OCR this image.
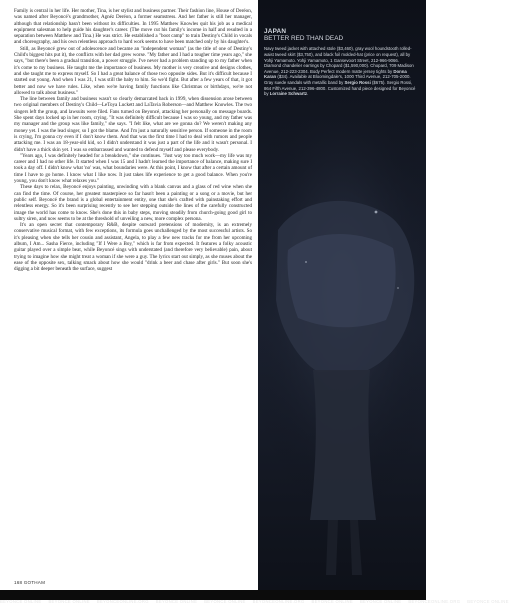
Family is central in her life. Her mother, Tina, is her stylist and business partner. Their fashion line, House of Deréon, was named after Beyoncé's grandmother, Agnéz Deréon, a former seamstress. And her father is still her manager, although that relationship hasn't been without its difficulties. In 1995 Matthew Knowles quit his job as a medical equipment salesman to help guide his daughter's career. (The move cut his family's income in half and resulted in a separation between Matthew and Tina.) He was strict. He established a "boot camp" to train Destiny's Child in vocals and choreography, and his own relentless approach to hard work seems to have been matched only by his daughter's.

Still, as Beyoncé grew out of adolescence and became an "independent woman" (as the title of one of Destiny's Child's biggest hits put it), the conflicts with her dad grew worse. "My father and I had a tougher time years ago," she says, "but there's been a gradual transition, a power struggle. I've never had a problem standing up to my father when it's come to my business. He taught me the importance of business. My mother is very creative and designs clothes, and she taught me to express myself. So I had a great balance of those two opposite sides. But it's difficult because I started out young. And when I was 21, I was still the baby to him. So we'd fight. But after a few years of that, it got better and now we have rules. Like, when we're having family functions like Christmas or birthdays, we're not allowed to talk about business."

The line between family and business wasn't so clearly demarcated back in 1999, when dissension arose between two original members of Destiny's Child—LeToya Luckett and LaTavia Roberson—and Matthew Knowles. The two singers left the group, and lawsuits were filed. Fans turned on Beyoncé, attacking her personally on message boards. She spent days locked up in her room, crying. "It was definitely difficult because I was so young, and my father was my manager and the group was like family," she says. "I felt like, what are we gonna do? We weren't making any money yet. I was the lead singer, so I got the blame. And I'm just a naturally sensitive person. If someone in the room is crying, I'm gonna cry even if I don't know them. And that was the first time I had to deal with rumors and people attacking me. I was an 18-year-old kid, so I didn't understand it was just a part of the life and it wasn't personal. I didn't have a thick skin yet. I was so embarrassed and wanted to defend myself and please everybody.

"Years ago, I was definitely headed for a breakdown," she continues. "Just way too much work—my life was my career and I had no other life. It started when I was 15 and I hadn't learned the importance of balance, making sure I took a day off. I didn't know what 'no' was, what boundaries were. At this point, I know that after a certain amount of time I have to go home. I know what I like now. It just takes life experience to get a good balance. When you're young, you don't know what relaxes you."

These days to relax, Beyoncé enjoys painting, unwinding with a blank canvas and a glass of red wine when she can find the time. Of course, her greatest masterpiece so far hasn't been a painting or a song or a movie, but her public self. Beyoncé the brand is a global entertainment entity, one that she's crafted with painstaking effort and relentless energy. So it's been surprising recently to see her stepping outside the lines of the carefully constructed image the world has come to know. She's done this in baby steps, moving steadily from church-going good girl to sultry siren, and now seems to be at the threshold of unveiling a new, more complex persona.

It's an open secret that contemporary R&B, despite outward pretensions of modernity, is an extremely conservative musical format, with few exceptions, its formula goes unchallenged by the most successful artists. So it's pleasing when she tells her cousin and assistant, Angela, to play a few new tracks for me from her upcoming album, I Am... Sasha Fierce, including "If I Were a Boy," which is far from expected. It features a folky acoustic guitar played over a simple beat, while Beyoncé sings with understated (and therefore very believable) pain, about trying to imagine how she might treat a woman if she were a guy. The lyrics start out simply, as she muses about the ease of the opposite sex, talking smack about how she would "drink a beer and chase after girls." But soon she's digging a bit deeper beneath the surface, suggest

JAPAN
BETTER RED THAN DEAD
Navy tweed jacket with attached stole ($3,460), gray wool houndstooth rolled-waist tweed skirt ($3,750), and black foil molded-hat (price on request), all by Yohji Yamamoto. Yohji Yamamoto, 1 Gansevoort Street, 212-966-9066. Diamond chandelier earrings by Chopard ($1,590,000). Chopard, 709 Madison Avenue, 212-223-2304. Body Perfect modern matte jersey tights by Donna Karan ($34). Available at Bloomingdale's, 1000 Third Avenue, 212-705-2000. Gray suede sandals with metallic band by Sergio Rossi ($675). Sergio Rossi, 864 Fifth Avenue, 212-396-4800. Customized hand piece designed for Beyoncé by Lorraine Schwartz.
168 GOTHAM
BEYONCE ONLINE BEYONCE ONLINE BEYONCEONLINE.ORG BEYONCE ONLINE BEYONCE ONLINE BEYONCEONLINE.ORG BEYONCE ONLINE BEYONCE ONLINE BEYONCEONLINE.ORG BEYONCE ONLINE
